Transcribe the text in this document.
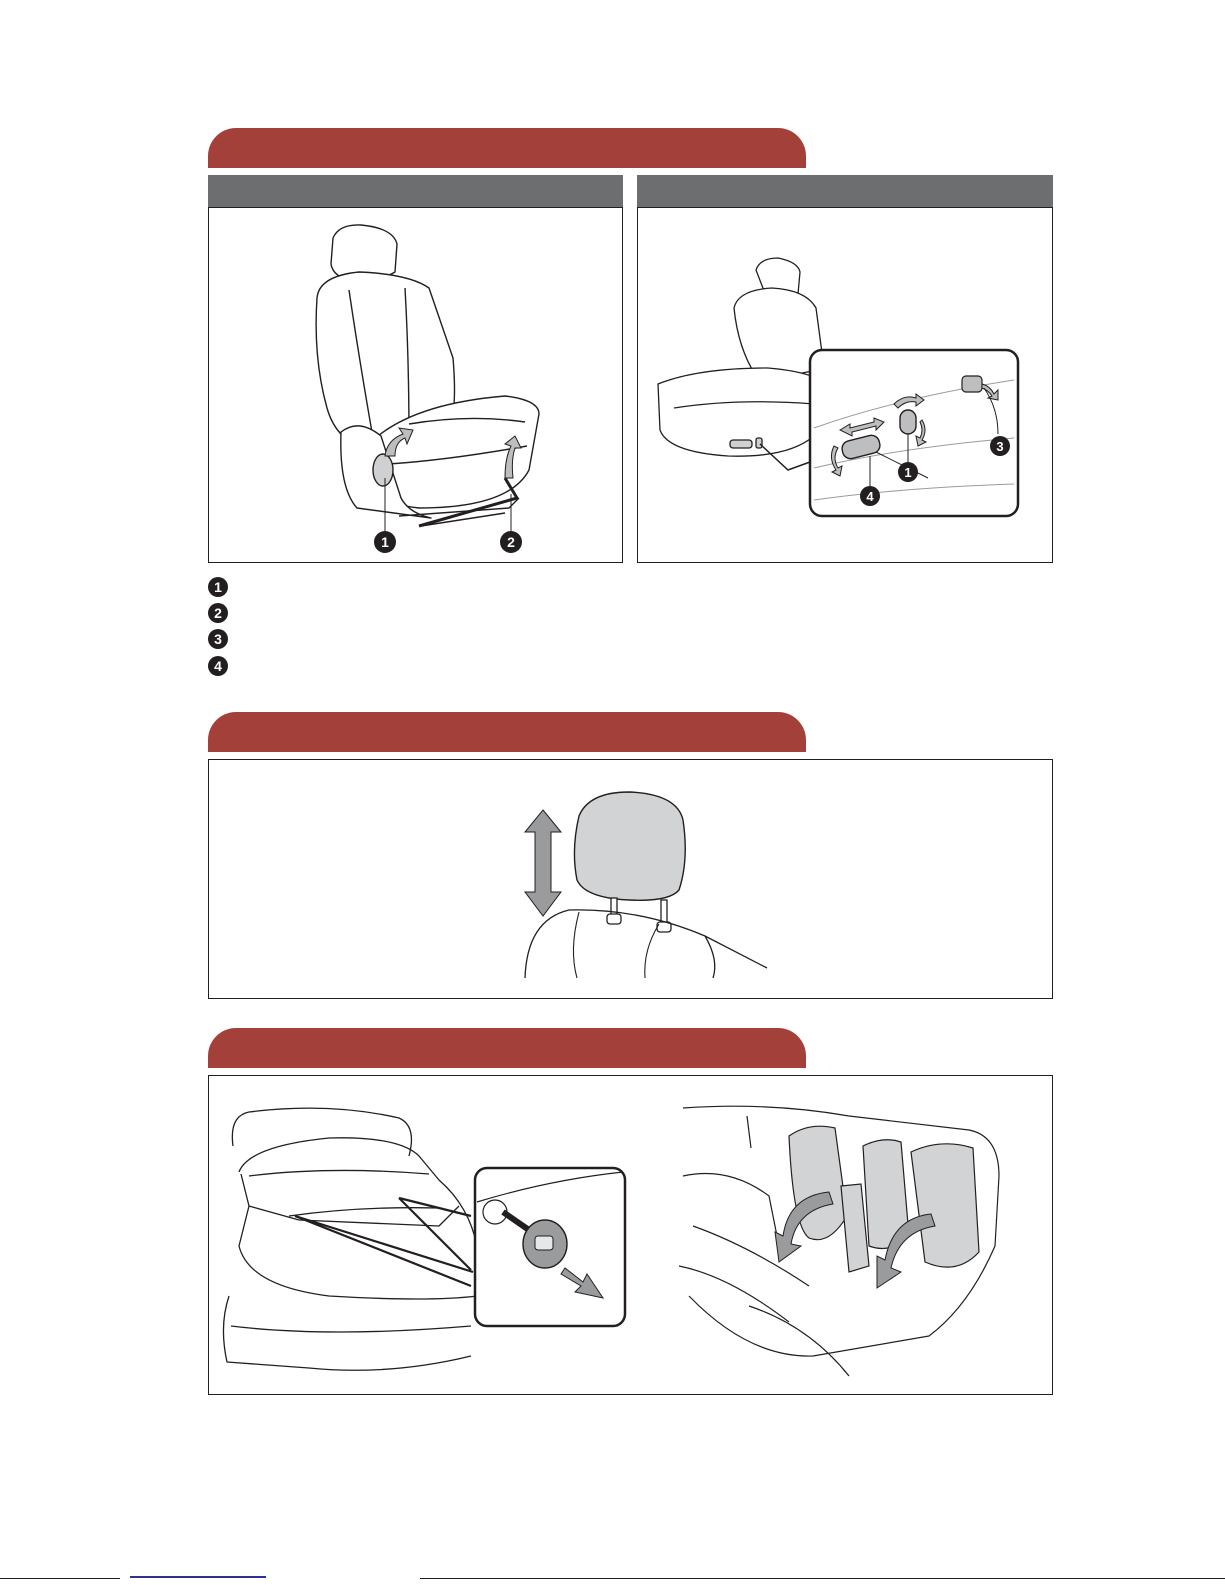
1	2
1
3
4
1
2
3
4
